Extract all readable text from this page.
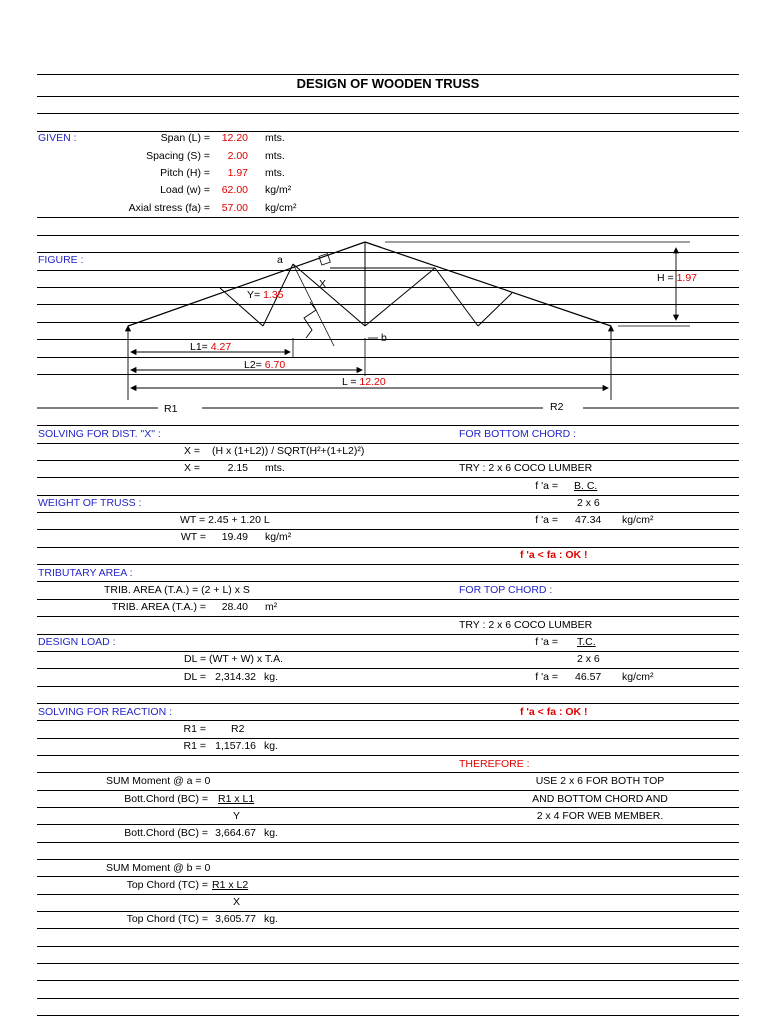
DESIGN OF WOODEN TRUSS
GIVEN :	Span (L) =	12.20 mts.
Spacing (S) =	2.00 mts.
Pitch (H) =	1.97 mts.
Load (w) =	62.00 kg/m²
Axial stress (fa) =	57.00 kg/cm²
FIGURE :	a
X
Y= 1.35
H = 1.97
b
L1= 4.27
L2= 6.70
L = 12.20
R1	R2
SOLVING FOR DIST. "X" :
X = (H x (1+L2)) / SQRT(H²+(1+L2)²)
X =	2.15 mts.
WEIGHT OF TRUSS :
WT = 2.45 + 1.20 L
WT =	19.49 kg/m²
TRIBUTARY AREA :
TRIB. AREA (T.A.) = (2 + L) x S
TRIB. AREA (T.A.) =	28.40 m²
DESIGN LOAD :
DL = (WT + W) x T.A.
DL = 2,314.32 kg.
SOLVING FOR REACTION :
R1 = R2
R1 = 1,157.16 kg.
SUM Moment @ a = 0
Bott.Chord (BC) = R1 x L1
Y
Bott.Chord (BC) = 3,664.67 kg.
SUM Moment @ b = 0
Top Chord (TC) = R1 x L2
X
Top Chord (TC) = 3,605.77 kg.
FOR BOTTOM CHORD :
TRY : 2 x 6 COCO LUMBER
f 'a = B. C.
2 x 6
f 'a = 47.34 kg/cm²
f 'a < fa : OK !
FOR TOP CHORD :
TRY : 2 x 6 COCO LUMBER
f 'a = T.C.
2 x 6
f 'a = 46.57 kg/cm²
f 'a < fa : OK !
THEREFORE :
USE 2 x 6 FOR BOTH TOP
AND BOTTOM CHORD AND
2 x 4 FOR WEB MEMBER.
